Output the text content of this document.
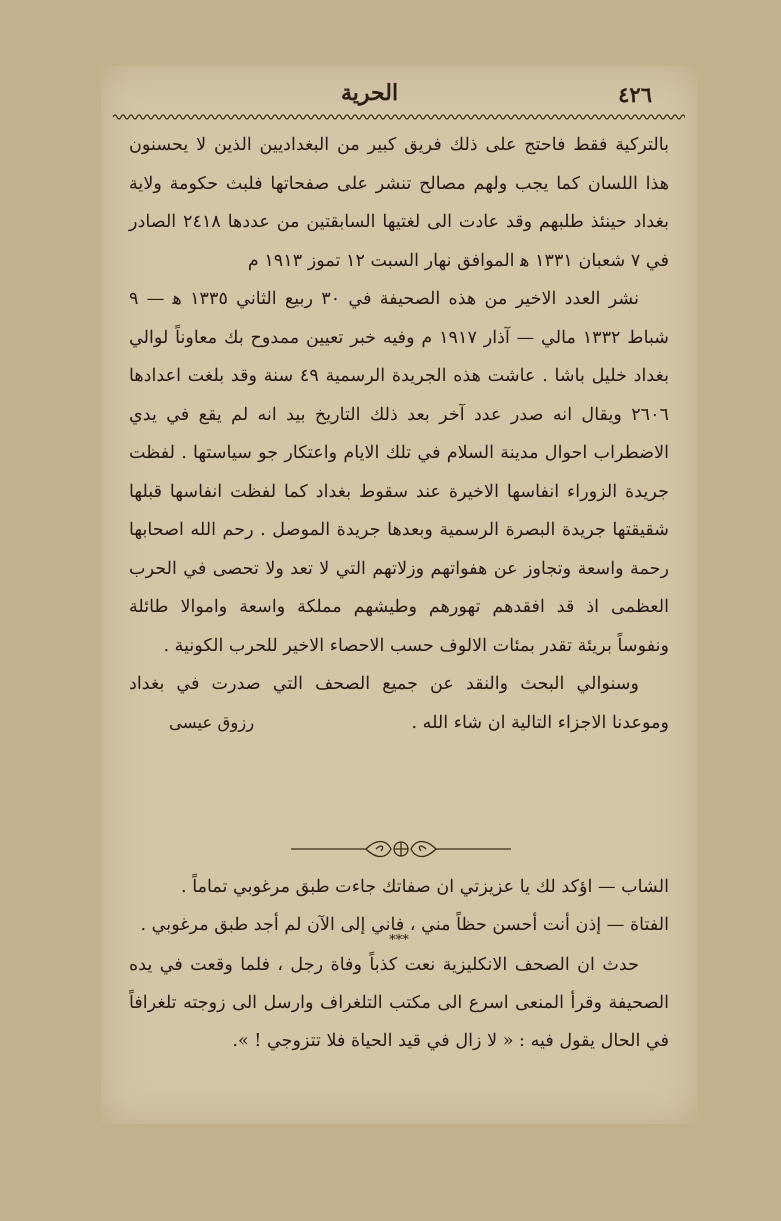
الحرية	٤٢٦

بالتركية فقط فاحتج على ذلك فريق كبير من البغداديين الذين لا يحسنون هذا اللسان كما يجب ولهم مصالح تنشر على صفحاتها فلبث حكومة ولاية بغداد حينئذ طلبهم وقد عادت الى لغتيها السابقتين من عددها ٢٤١٨ الصادر في ٧ شعبان ١٣٣١ ﻫ الموافق نهار السبت ١٢ تموز ١٩١٣ م

نشر العدد الاخير من هذه الصحيفة في ٣٠ ربيع الثاني ١٣٣٥ ﻫ — ٩ شباط ١٣٣٢ مالي — آذار ١٩١٧ م وفيه خبر تعيين ممدوح بك معاوناً لوالي بغداد خليل باشا . عاشت هذه الجريدة الرسمية ٤٩ سنة وقد بلغت اعدادها ٢٦٠٦ ويقال انه صدر عدد آخر بعد ذلك التاريخ بيد انه لم يقع في يدي الاضطراب احوال مدينة السلام في تلك الايام واعتكار جو سياستها . لفظت جريدة الزوراء انفاسها الاخيرة عند سقوط بغداد كما لفظت انفاسها قبلها شقيقتها جريدة البصرة الرسمية وبعدها جريدة الموصل . رحم الله اصحابها رحمة واسعة وتجاوز عن هفواتهم وزلاتهم التي لا تعد ولا تحصى في الحرب العظمى اذ قد افقدهم تهورهم وطيشهم مملكة واسعة واموالا طائلة ونفوساً بريئة تقدر بمئات الالوف حسب الاحصاء الاخير للحرب الكونية .

وسنوالي البحث والنقد عن جميع الصحف التي صدرت في بغداد وموعدنا الاجزاء التالية ان شاء الله .

رزوق عيسى

الشاب — اؤكد لك يا عزيزتي ان صفاتك جاءت طبق مرغوبي تماماً .

الفتاة — إذن أنت أحسن حظاً مني ، فاني إلى الآن لم أجد طبق مرغوبي .

***

حدث ان الصحف الانكليزية نعت كذباً وفاة رجل ، فلما وقعت في يده الصحيفة وقرأ المنعى اسرع الى مكتب التلغراف وارسل الى زوجته تلغرافاً في الحال يقول فيه : « لا زال في قيد الحياة فلا تتزوجي ! ».
